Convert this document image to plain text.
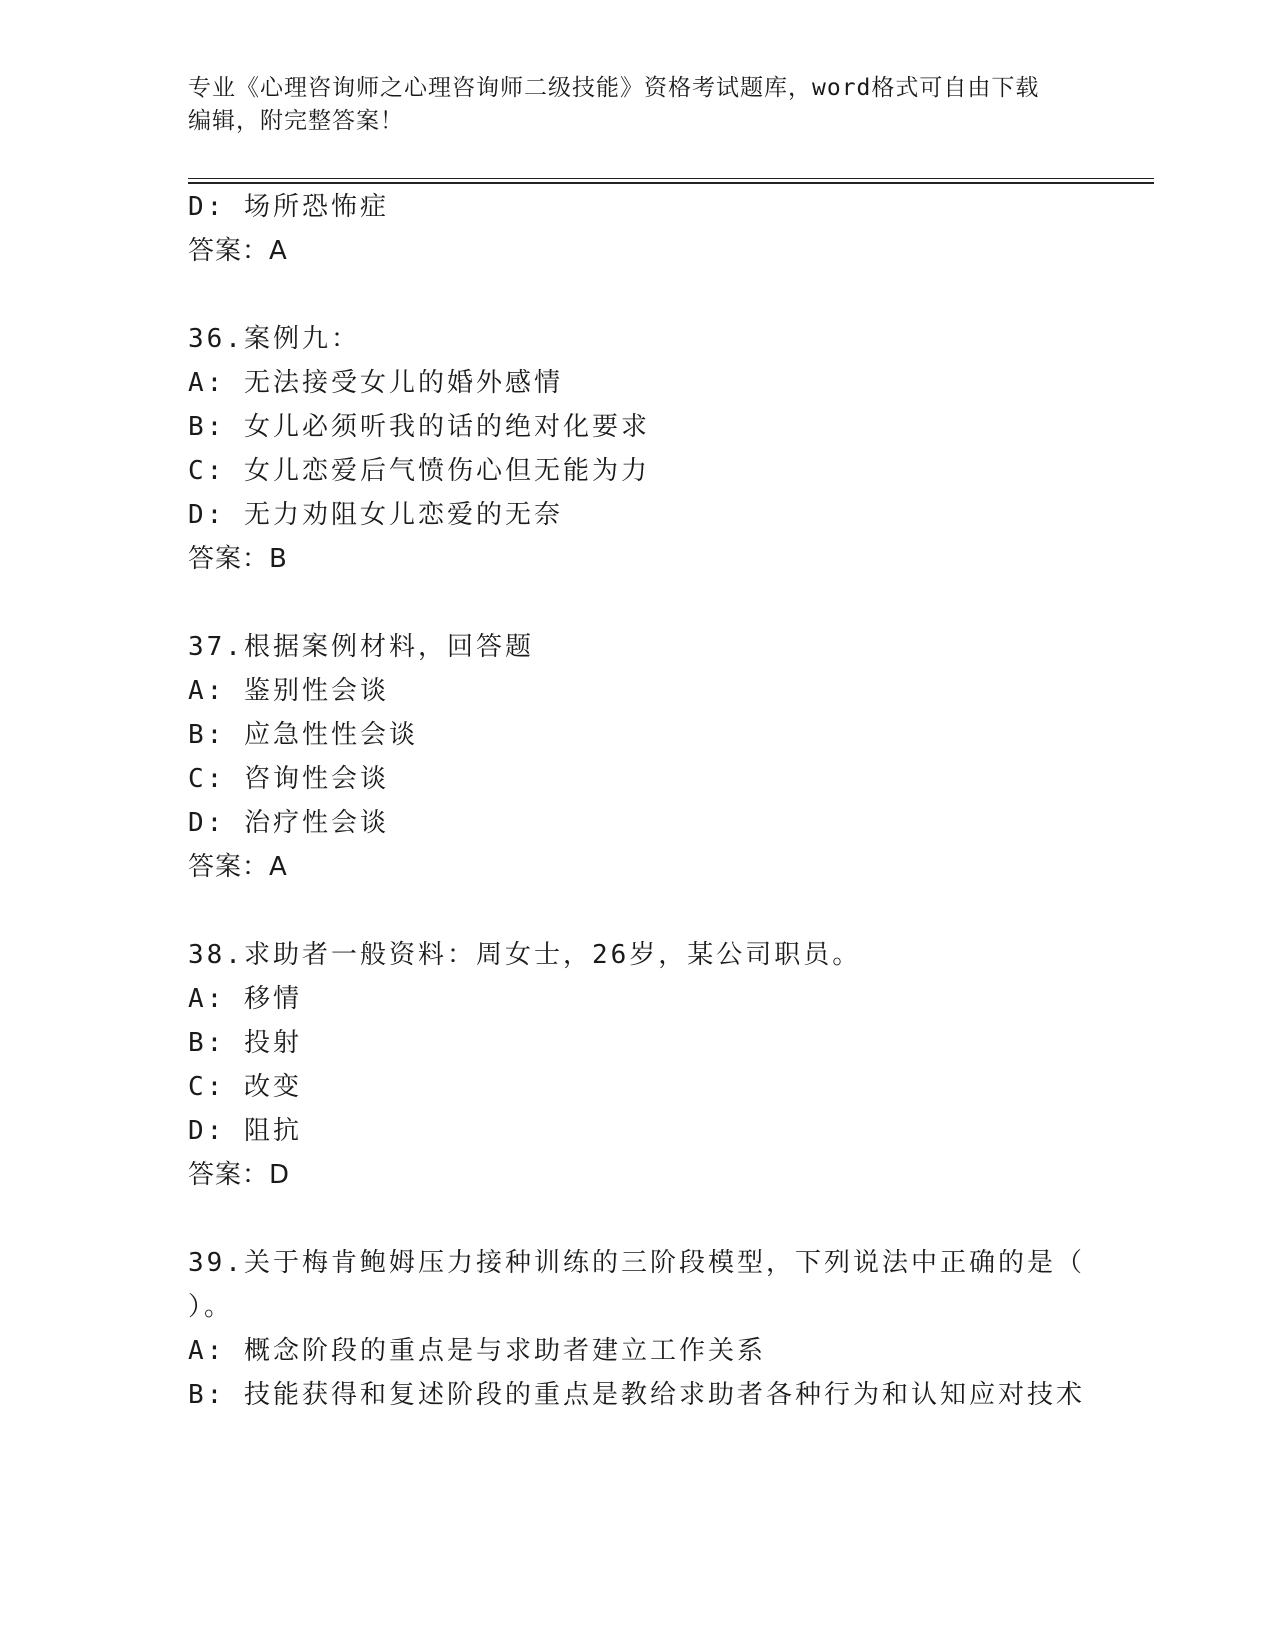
专业《心理咨询师之心理咨询师二级技能》资格考试题库，word格式可自由下载
编辑，附完整答案！
D: 场所恐怖症
答案：A
36.案例九：
A: 无法接受女儿的婚外感情
B: 女儿必须听我的话的绝对化要求
C: 女儿恋爱后气愤伤心但无能为力
D: 无力劝阻女儿恋爱的无奈
答案：B
37.根据案例材料，回答题
A: 鉴别性会谈
B: 应急性性会谈
C: 咨询性会谈
D: 治疗性会谈
答案：A
38.求助者一般资料：周女士，26岁，某公司职员。
A: 移情
B: 投射
C: 改变
D: 阻抗
答案：D
39.关于梅肯鲍姆压力接种训练的三阶段模型，下列说法中正确的是（
）。
A: 概念阶段的重点是与求助者建立工作关系
B: 技能获得和复述阶段的重点是教给求助者各种行为和认知应对技术
